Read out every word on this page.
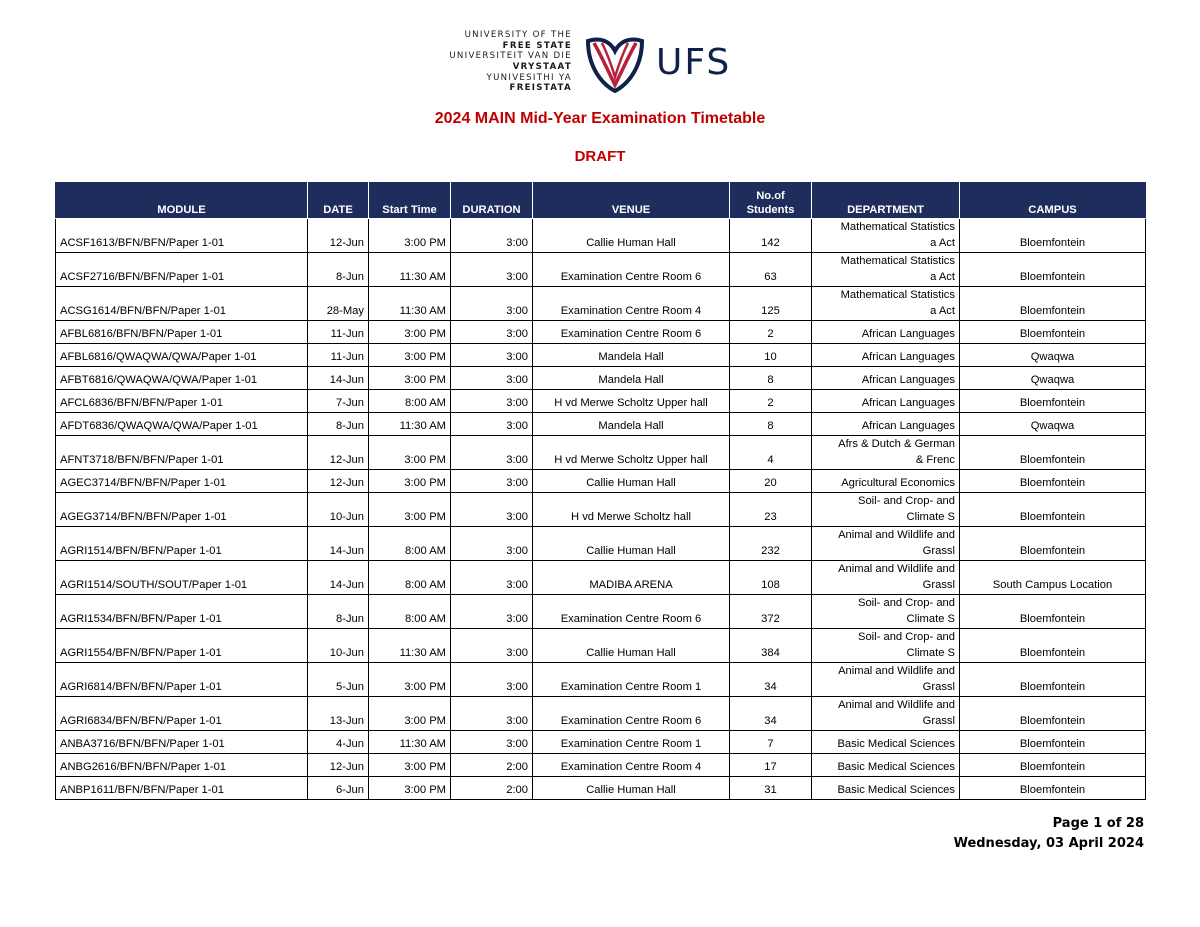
UNIVERSITY OF THE
FREE STATE
UNIVERSITEIT VAN DIE
VRYSTAAT
YUNIVESITHI YA
FREISTATA
UFS
2024 MAIN Mid-Year Examination Timetable
DRAFT
MODULE	DATE	Start Time	DURATION	VENUE	No.of
Students	DEPARTMENT	CAMPUS
ACSF1613/BFN/BFN/Paper 1-01	12-Jun	3:00 PM	3:00	Callie Human Hall	142	Mathematical Statistics
a Act	Bloemfontein
ACSF2716/BFN/BFN/Paper 1-01	8-Jun	11:30 AM	3:00	Examination Centre Room 6	63	Mathematical Statistics
a Act	Bloemfontein
ACSG1614/BFN/BFN/Paper 1-01	28-May	11:30 AM	3:00	Examination Centre Room 4	125	Mathematical Statistics
a Act	Bloemfontein
AFBL6816/BFN/BFN/Paper 1-01	11-Jun	3:00 PM	3:00	Examination Centre Room 6	2	African Languages	Bloemfontein
AFBL6816/QWAQWA/QWA/Paper 1-01	11-Jun	3:00 PM	3:00	Mandela Hall	10	African Languages	Qwaqwa
AFBT6816/QWAQWA/QWA/Paper 1-01	14-Jun	3:00 PM	3:00	Mandela Hall	8	African Languages	Qwaqwa
AFCL6836/BFN/BFN/Paper 1-01	7-Jun	8:00 AM	3:00	H vd Merwe Scholtz Upper hall	2	African Languages	Bloemfontein
AFDT6836/QWAQWA/QWA/Paper 1-01	8-Jun	11:30 AM	3:00	Mandela Hall	8	African Languages	Qwaqwa
AFNT3718/BFN/BFN/Paper 1-01	12-Jun	3:00 PM	3:00	H vd Merwe Scholtz Upper hall	4	Afrs & Dutch & German
& Frenc	Bloemfontein
AGEC3714/BFN/BFN/Paper 1-01	12-Jun	3:00 PM	3:00	Callie Human Hall	20	Agricultural Economics	Bloemfontein
AGEG3714/BFN/BFN/Paper 1-01	10-Jun	3:00 PM	3:00	H vd Merwe Scholtz hall	23	Soil- and Crop- and
Climate S	Bloemfontein
AGRI1514/BFN/BFN/Paper 1-01	14-Jun	8:00 AM	3:00	Callie Human Hall	232	Animal and Wildlife and
Grassl	Bloemfontein
AGRI1514/SOUTH/SOUT/Paper 1-01	14-Jun	8:00 AM	3:00	MADIBA ARENA	108	Animal and Wildlife and
Grassl	South Campus Location
AGRI1534/BFN/BFN/Paper 1-01	8-Jun	8:00 AM	3:00	Examination Centre Room 6	372	Soil- and Crop- and
Climate S	Bloemfontein
AGRI1554/BFN/BFN/Paper 1-01	10-Jun	11:30 AM	3:00	Callie Human Hall	384	Soil- and Crop- and
Climate S	Bloemfontein
AGRI6814/BFN/BFN/Paper 1-01	5-Jun	3:00 PM	3:00	Examination Centre Room 1	34	Animal and Wildlife and
Grassl	Bloemfontein
AGRI6834/BFN/BFN/Paper 1-01	13-Jun	3:00 PM	3:00	Examination Centre Room 6	34	Animal and Wildlife and
Grassl	Bloemfontein
ANBA3716/BFN/BFN/Paper 1-01	4-Jun	11:30 AM	3:00	Examination Centre Room 1	7	Basic Medical Sciences	Bloemfontein
ANBG2616/BFN/BFN/Paper 1-01	12-Jun	3:00 PM	2:00	Examination Centre Room 4	17	Basic Medical Sciences	Bloemfontein
ANBP1611/BFN/BFN/Paper 1-01	6-Jun	3:00 PM	2:00	Callie Human Hall	31	Basic Medical Sciences	Bloemfontein
Page 1 of 28
Wednesday, 03 April 2024
